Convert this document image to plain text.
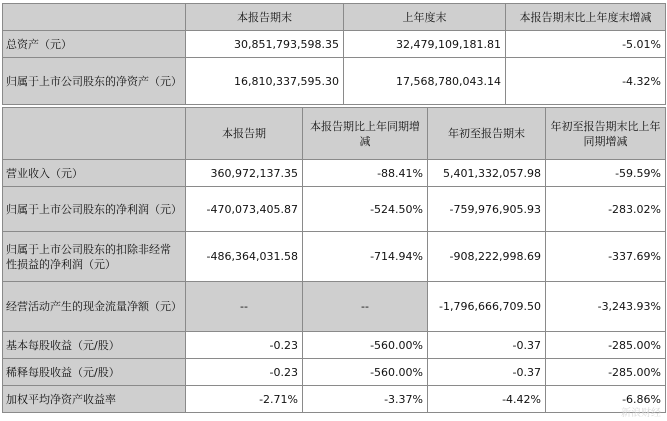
	本报告期末	上年度末	本报告期末比上年度末增减
总资产（元）	30,851,793,598.35	32,479,109,181.81	-5.01%
归属于上市公司股东的净资产（元）	16,810,337,595.30	17,568,780,043.14	-4.32%
	本报告期	本报告期比上年同期增减	年初至报告期末	年初至报告期末比上年同期增减
营业收入（元）	360,972,137.35	-88.41%	5,401,332,057.98	-59.59%
归属于上市公司股东的净利润（元）	-470,073,405.87	-524.50%	-759,976,905.93	-283.02%
归属于上市公司股东的扣除非经常性损益的净利润（元）	-486,364,031.58	-714.94%	-908,222,998.69	-337.69%
经营活动产生的现金流量净额（元）	--	--	-1,796,666,709.50	-3,243.93%
基本每股收益（元/股）	-0.23	-560.00%	-0.37	-285.00%
稀释每股收益（元/股）	-0.23	-560.00%	-0.37	-285.00%
加权平均净资产收益率	-2.71%	-3.37%	-4.42%	-6.86%
新浪财经
